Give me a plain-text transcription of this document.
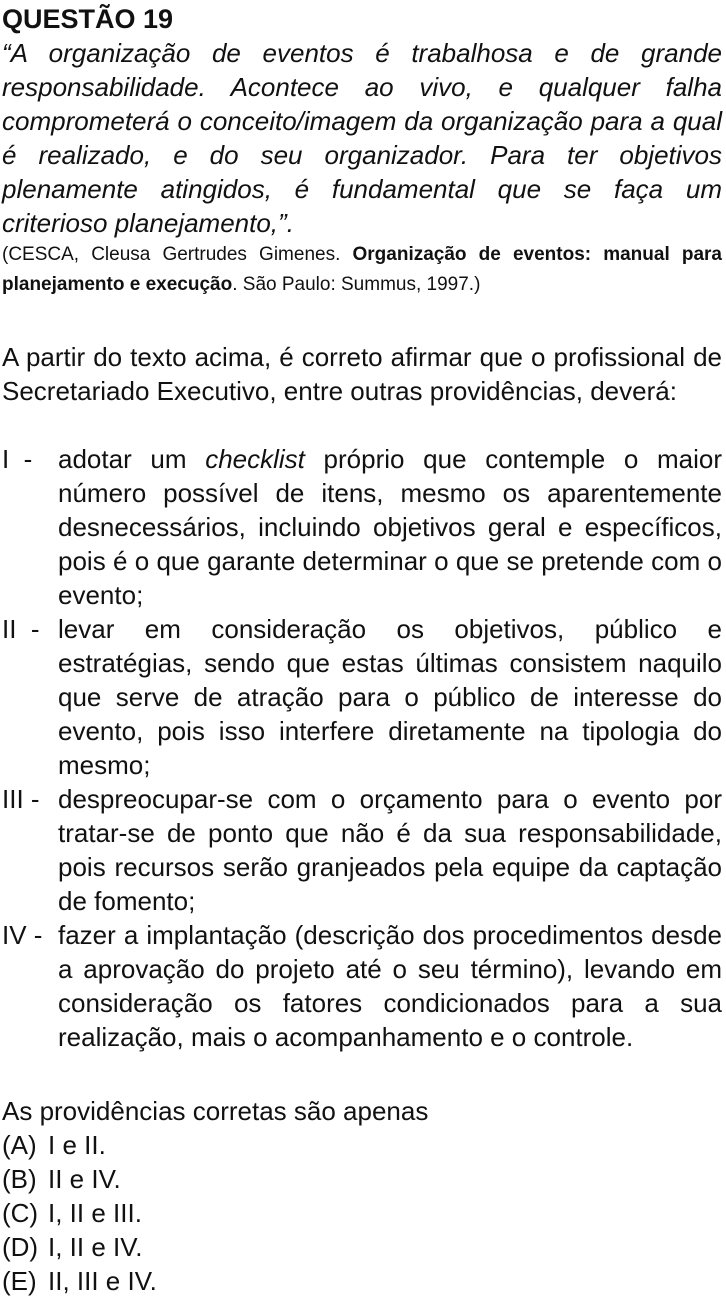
QUESTÃO 19

“A organização de eventos é trabalhosa e de grande responsabilidade. Acontece ao vivo, e qualquer falha comprometerá o conceito/imagem da organização para a qual é realizado, e do seu organizador. Para ter objetivos plenamente atingidos, é fundamental que se faça um criterioso planejamento,”.

(CESCA, Cleusa Gertrudes Gimenes. Organização de eventos: manual para planejamento e execução. São Paulo: Summus, 1997.)

A partir do texto acima, é correto afirmar que o profissional de Secretariado Executivo, entre outras providências, deverá:

I  - adotar um checklist próprio que contemple o maior número possível de itens, mesmo os aparentemente desnecessários, incluindo objetivos geral e específicos, pois é o que garante determinar o que se pretende com o evento;
II  - levar em consideração os objetivos, público e estratégias, sendo que estas últimas consistem naquilo que serve de atração para o público de interesse do evento, pois isso interfere diretamente na tipologia do mesmo;
III - despreocupar-se com o orçamento para o evento por tratar-se de ponto que não é da sua responsabilidade, pois recursos serão granjeados pela equipe da captação de fomento;
IV - fazer a implantação (descrição dos procedimentos desde a aprovação do projeto até o seu término), levando em consideração os fatores condicionados para a sua realização, mais o acompanhamento e o controle.

As providências corretas são apenas

(A) I e II.
(B) II e IV.
(C) I, II e III.
(D) I, II e IV.
(E) II, III e IV.
